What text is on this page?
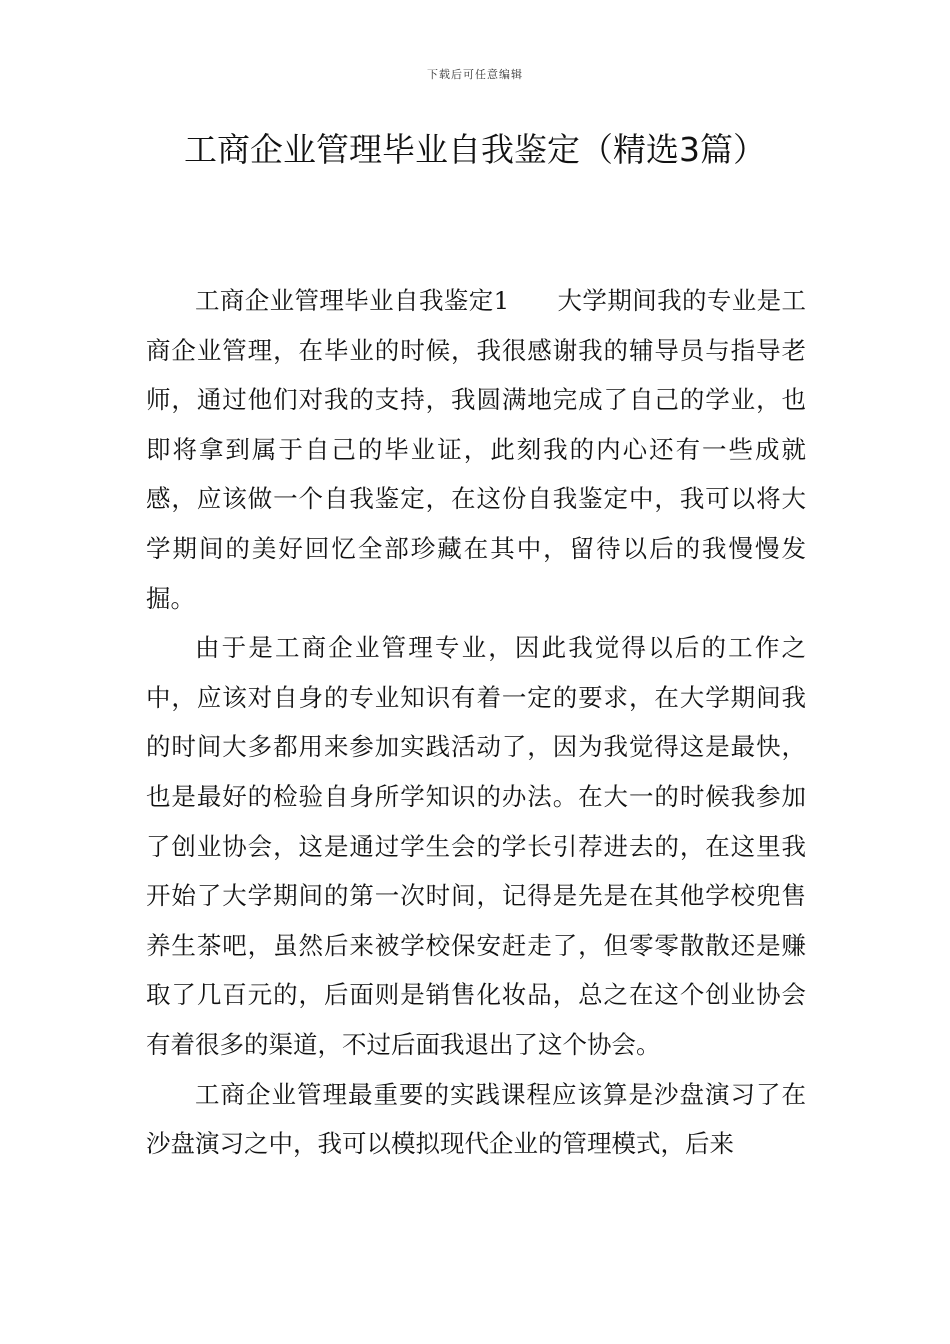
下载后可任意编辑
工商企业管理毕业自我鉴定（精选3篇）

工商企业管理毕业自我鉴定1 大学期间我的专业是工商企业管理，在毕业的时候，我很感谢我的辅导员与指导老师，通过他们对我的支持，我圆满地完成了自己的学业，也即将拿到属于自己的毕业证，此刻我的内心还有一些成就感，应该做一个自我鉴定，在这份自我鉴定中，我可以将大学期间的美好回忆全部珍藏在其中，留待以后的我慢慢发掘。

由于是工商企业管理专业，因此我觉得以后的工作之中，应该对自身的专业知识有着一定的要求，在大学期间我的时间大多都用来参加实践活动了，因为我觉得这是最快，也是最好的检验自身所学知识的办法。在大一的时候我参加了创业协会，这是通过学生会的学长引荐进去的，在这里我开始了大学期间的第一次时间，记得是先是在其他学校兜售养生茶吧，虽然后来被学校保安赶走了，但零零散散还是赚取了几百元的，后面则是销售化妆品，总之在这个创业协会有着很多的渠道，不过后面我退出了这个协会。

工商企业管理最重要的实践课程应该算是沙盘演习了在沙盘演习之中，我可以模拟现代企业的管理模式，后来
